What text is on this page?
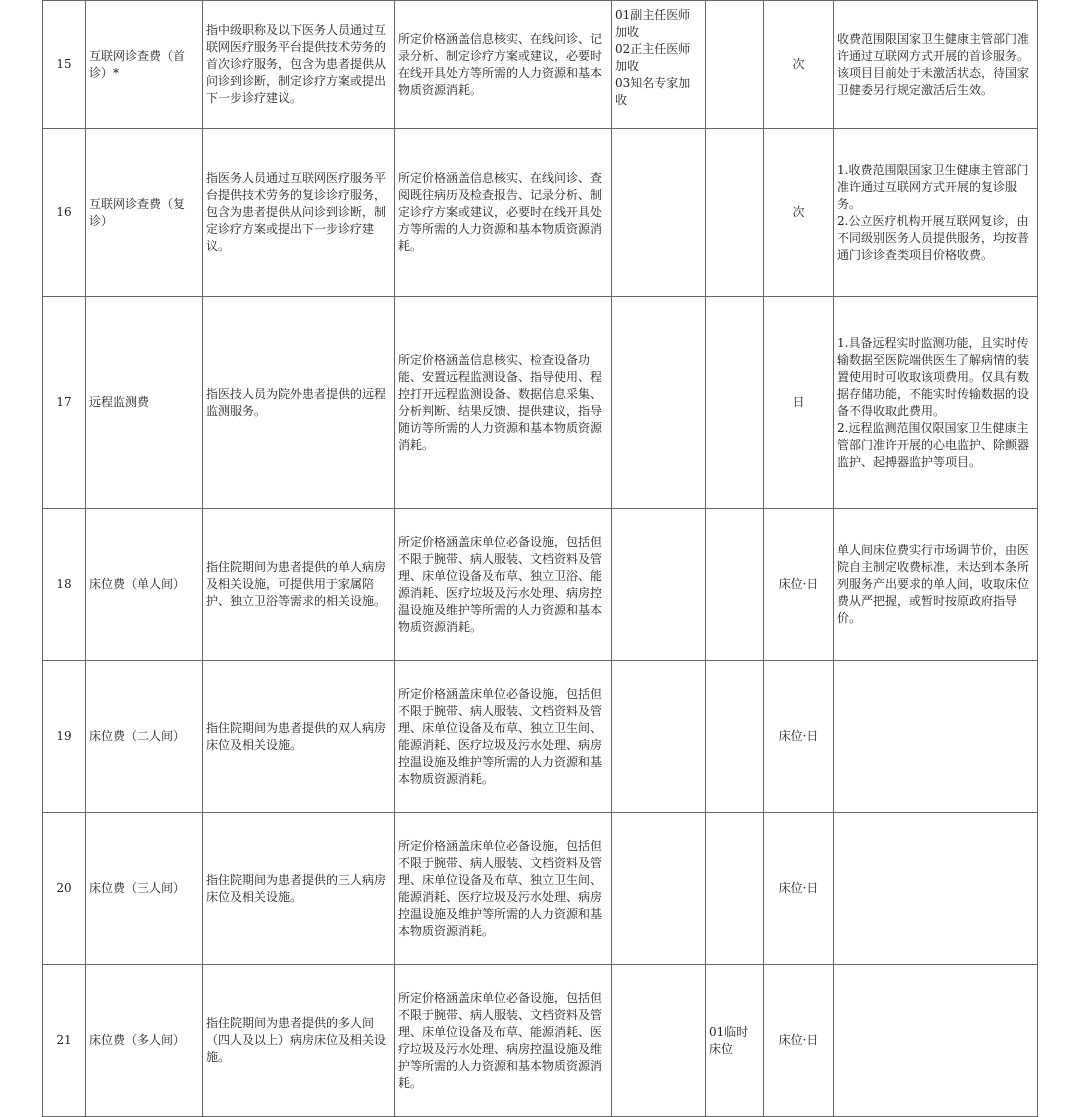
15	互联网诊查费（首诊）*	指中级职称及以下医务人员通过互联网医疗服务平台提供技术劳务的首次诊疗服务，包含为患者提供从问诊到诊断，制定诊疗方案或提出下一步诊疗建议。	所定价格涵盖信息核实、在线问诊、记录分析、制定诊疗方案或建议，必要时在线开具处方等所需的人力资源和基本物质资源消耗。	01副主任医师加收
02正主任医师加收
03知名专家加收		次	收费范围限国家卫生健康主管部门准许通过互联网方式开展的首诊服务。该项目目前处于未激活状态，待国家卫健委另行规定激活后生效。
16	互联网诊查费（复诊）	指医务人员通过互联网医疗服务平台提供技术劳务的复诊诊疗服务，包含为患者提供从问诊到诊断，制定诊疗方案或提出下一步诊疗建议。	所定价格涵盖信息核实、在线问诊、查阅既往病历及检查报告、记录分析、制定诊疗方案或建议，必要时在线开具处方等所需的人力资源和基本物质资源消耗。			次	1.收费范围限国家卫生健康主管部门准许通过互联网方式开展的复诊服务。
2.公立医疗机构开展互联网复诊，由不同级别医务人员提供服务，均按普通门诊诊查类项目价格收费。
17	远程监测费	指医技人员为院外患者提供的远程监测服务。	所定价格涵盖信息核实、检查设备功能、安置远程监测设备、指导使用、程控打开远程监测设备、数据信息采集、分析判断、结果反馈、提供建议，指导随访等所需的人力资源和基本物质资源消耗。			日	1.具备远程实时监测功能，且实时传输数据至医院端供医生了解病情的装置使用时可收取该项费用。仅具有数据存储功能，不能实时传输数据的设备不得收取此费用。
2.远程监测范围仅限国家卫生健康主管部门准许开展的心电监护、除颤器监护、起搏器监护等项目。
18	床位费（单人间）	指住院期间为患者提供的单人病房及相关设施，可提供用于家属陪护、独立卫浴等需求的相关设施。	所定价格涵盖床单位必备设施，包括但不限于腕带、病人服装、文档资料及管理、床单位设备及布草、独立卫浴、能源消耗、医疗垃圾及污水处理、病房控温设施及维护等所需的人力资源和基本物质资源消耗。			床位·日	单人间床位费实行市场调节价，由医院自主制定收费标准，未达到本条所列服务产出要求的单人间，收取床位费从严把握，或暂时按原政府指导价。
19	床位费（二人间）	指住院期间为患者提供的双人病房床位及相关设施。	所定价格涵盖床单位必备设施，包括但不限于腕带、病人服装、文档资料及管理、床单位设备及布草、独立卫生间、能源消耗、医疗垃圾及污水处理、病房控温设施及维护等所需的人力资源和基本物质资源消耗。			床位·日	
20	床位费（三人间）	指住院期间为患者提供的三人病房床位及相关设施。	所定价格涵盖床单位必备设施，包括但不限于腕带、病人服装、文档资料及管理、床单位设备及布草、独立卫生间、能源消耗、医疗垃圾及污水处理、病房控温设施及维护等所需的人力资源和基本物质资源消耗。			床位·日	
21	床位费（多人间）	指住院期间为患者提供的多人间（四人及以上）病房床位及相关设施。	所定价格涵盖床单位必备设施，包括但不限于腕带、病人服装、文档资料及管理、床单位设备及布草、能源消耗、医疗垃圾及污水处理、病房控温设施及维护等所需的人力资源和基本物质资源消耗。		01临时床位	床位·日	
